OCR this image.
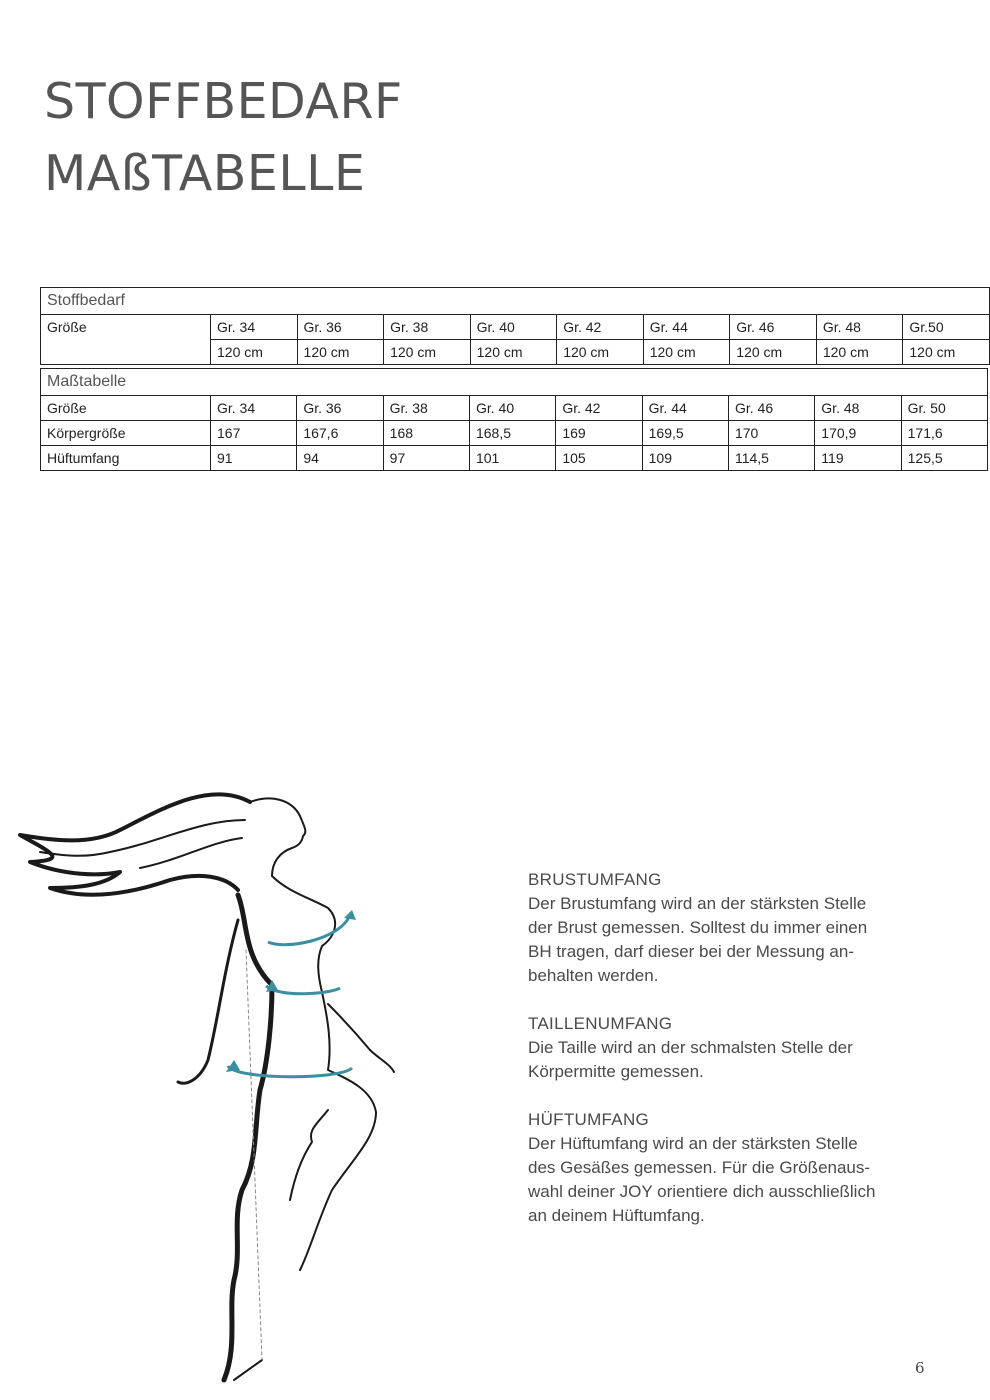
STOFFBEDARF
MAßTABELLE
Stoffbedarf									
Größe	Gr. 34	Gr. 36	Gr. 38	Gr. 40	Gr. 42	Gr. 44	Gr. 46	Gr. 48	Gr.50
	120 cm	120 cm	120 cm	120 cm	120 cm	120 cm	120 cm	120 cm	120 cm
Maßtabelle									
Größe	Gr. 34	Gr. 36	Gr. 38	Gr. 40	Gr. 42	Gr. 44	Gr. 46	Gr. 48	Gr. 50
Körpergröße	167	167,6	168	168,5	169	169,5	170	170,9	171,6
Hüftumfang	91	94	97	101	105	109	114,5	119	125,5
BRUSTUMFANG

Der Brustumfang wird an der stärksten Stelle
der Brust gemessen. Solltest du immer einen
BH tragen, darf dieser bei der Messung an-
behalten werden.

TAILLENUMFANG

Die Taille wird an der schmalsten Stelle der
Körpermitte gemessen.

HÜFTUMFANG

Der Hüftumfang wird an der stärksten Stelle
des Gesäßes gemessen. Für die Größenaus-
wahl deiner JOY orientiere dich ausschließlich
an deinem Hüftumfang.

6
